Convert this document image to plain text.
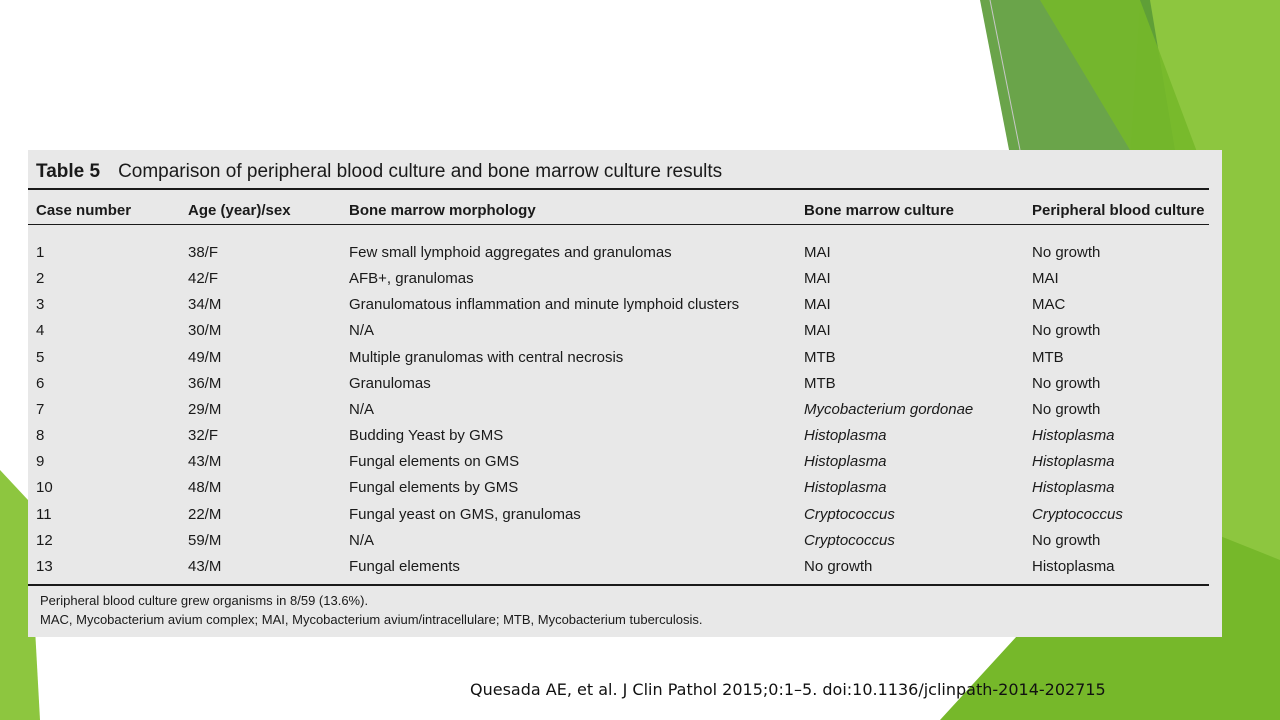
Table 5 Comparison of peripheral blood culture and bone marrow culture results
Case number	Age (year)/sex	Bone marrow morphology	Bone marrow culture	Peripheral blood culture
1	38/F	Few small lymphoid aggregates and granulomas	MAI	No growth
2	42/F	AFB+, granulomas	MAI	MAI
3	34/M	Granulomatous inflammation and minute lymphoid clusters	MAI	MAC
4	30/M	N/A	MAI	No growth
5	49/M	Multiple granulomas with central necrosis	MTB	MTB
6	36/M	Granulomas	MTB	No growth
7	29/M	N/A	Mycobacterium gordonae	No growth
8	32/F	Budding Yeast by GMS	Histoplasma	Histoplasma
9	43/M	Fungal elements on GMS	Histoplasma	Histoplasma
10	48/M	Fungal elements by GMS	Histoplasma	Histoplasma
11	22/M	Fungal yeast on GMS, granulomas	Cryptococcus	Cryptococcus
12	59/M	N/A	Cryptococcus	No growth
13	43/M	Fungal elements	No growth	Histoplasma
Peripheral blood culture grew organisms in 8/59 (13.6%).
MAC, Mycobacterium avium complex; MAI, Mycobacterium avium/intracellulare; MTB, Mycobacterium tuberculosis.
Quesada AE, et al. J Clin Pathol 2015;0:1–5. doi:10.1136/jclinpath-2014-202715
